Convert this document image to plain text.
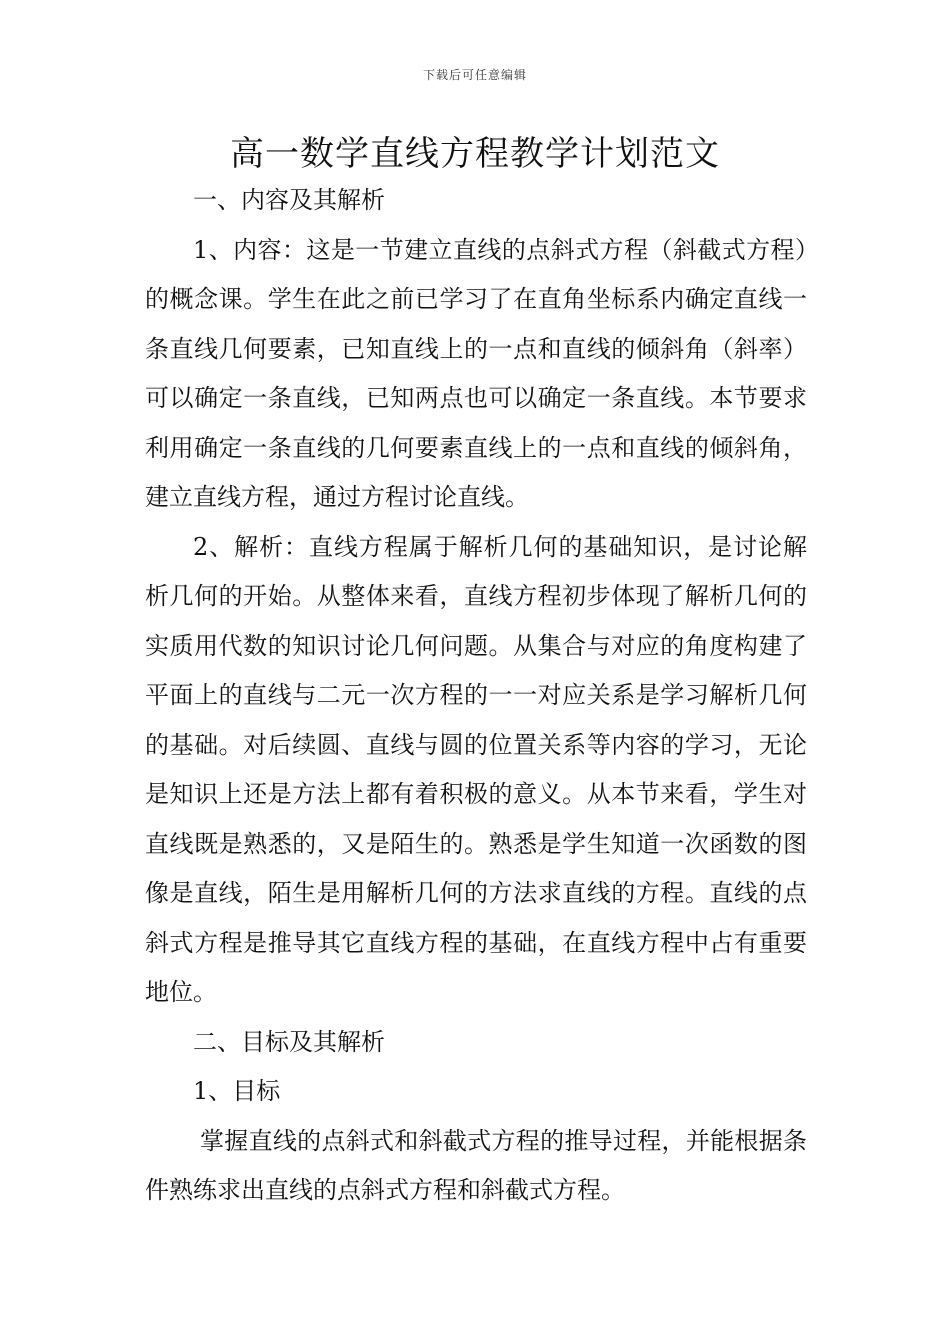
下载后可任意编辑
高一数学直线方程教学计划范文

一、内容及其解析

1、内容：这是一节建立直线的点斜式方程（斜截式方程）的概念课。学生在此之前已学习了在直角坐标系内确定直线一条直线几何要素，已知直线上的一点和直线的倾斜角（斜率）可以确定一条直线，已知两点也可以确定一条直线。本节要求利用确定一条直线的几何要素直线上的一点和直线的倾斜角，建立直线方程，通过方程讨论直线。

2、解析：直线方程属于解析几何的基础知识，是讨论解析几何的开始。从整体来看，直线方程初步体现了解析几何的实质用代数的知识讨论几何问题。从集合与对应的角度构建了平面上的直线与二元一次方程的一一对应关系是学习解析几何的基础。对后续圆、直线与圆的位置关系等内容的学习，无论是知识上还是方法上都有着积极的意义。从本节来看，学生对直线既是熟悉的，又是陌生的。熟悉是学生知道一次函数的图像是直线，陌生是用解析几何的方法求直线的方程。直线的点斜式方程是推导其它直线方程的基础，在直线方程中占有重要地位。

二、目标及其解析

1、目标

掌握直线的点斜式和斜截式方程的推导过程，并能根据条件熟练求出直线的点斜式方程和斜截式方程。
